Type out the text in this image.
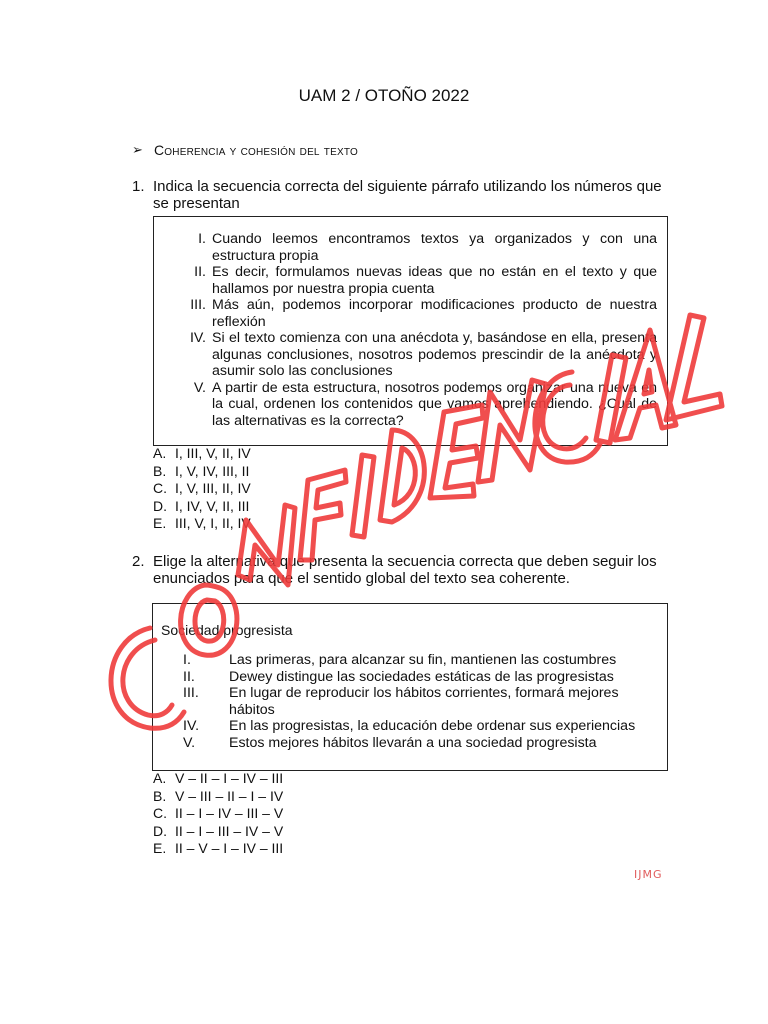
UAM 2 / OTOÑO 2022
➢ Coherencia y cohesión del texto
1. Indica la secuencia correcta del siguiente párrafo utilizando los números que se presentan
I. Cuando leemos encontramos textos ya organizados y con una estructura propia
II. Es decir, formulamos nuevas ideas que no están en el texto y que hallamos por nuestra propia cuenta
III. Más aún, podemos incorporar modificaciones producto de nuestra reflexión
IV. Si el texto comienza con una anécdota y, basándose en ella, presenta algunas conclusiones, nosotros podemos prescindir de la anécdota y asumir solo las conclusiones
V. A partir de esta estructura, nosotros podemos organizar una nueva en la cual, ordenen los contenidos que vamos aprehendiendo. ¿Cuál de las alternativas es la correcta?
A. I, III, V, II, IV
B. I, V, IV, III, II
C. I, V, III, II, IV
D. I, IV, V, II, III
E. III, V, I, II, IV
2. Elige la alternativa que presenta la secuencia correcta que deben seguir los enunciados para que el sentido global del texto sea coherente.
Sociedad progresista
I.	Las primeras, para alcanzar su fin, mantienen las costumbres
II.	Dewey distingue las sociedades estáticas de las progresistas
III.	En lugar de reproducir los hábitos corrientes, formará mejores hábitos
IV.	En las progresistas, la educación debe ordenar sus experiencias
V.	Estos mejores hábitos llevarán a una sociedad progresista
A. V – II – I – IV – III
B. V – III – II – I – IV
C. II – I – IV – III – V
D. II – I – III – IV – V
E. II – V – I – IV – III
IJMG
